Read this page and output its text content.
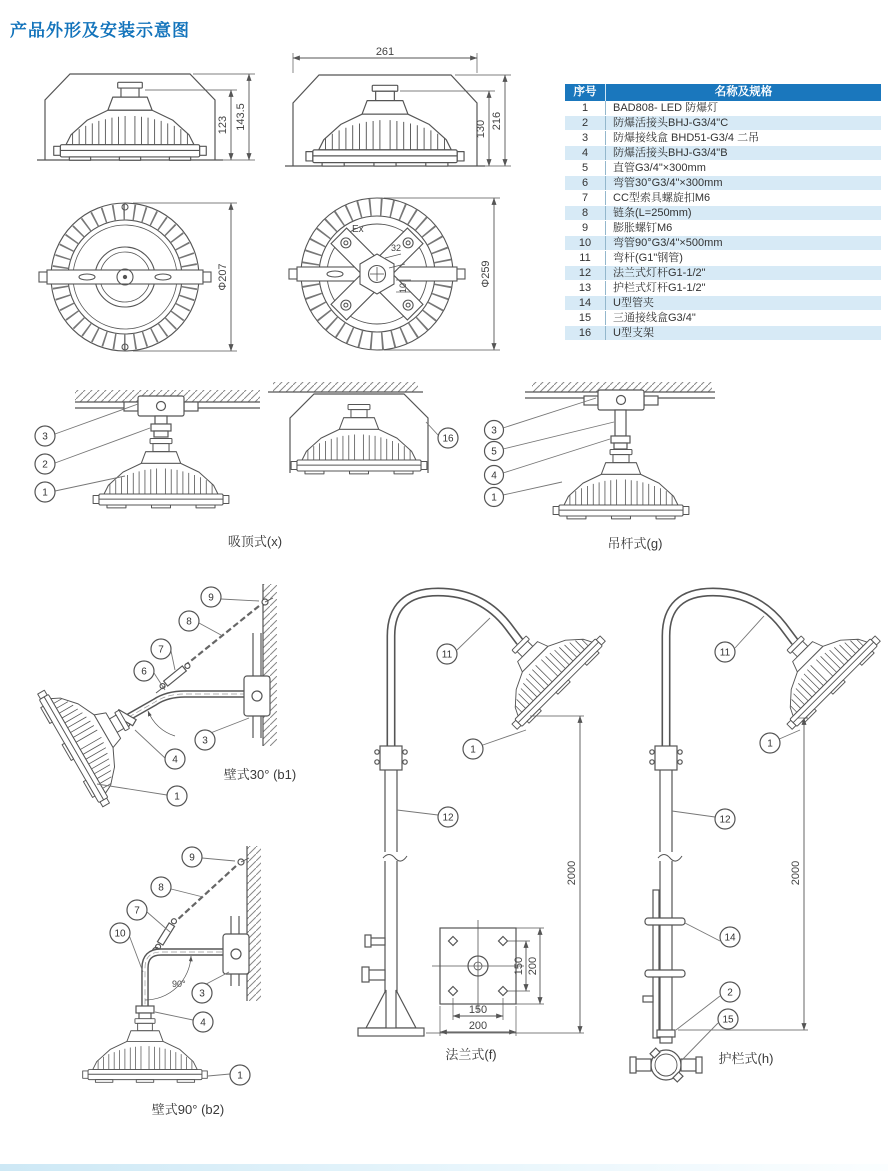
产品外形及安装示意图
123 143.5
261
130 216
Φ207
Ex
32
10
Φ259
序号	名称及规格
1	BAD808- LED 防爆灯
2	防爆活接头BHJ-G3/4"C
3	防爆接线盒 BHD51-G3/4 二吊
4	防爆活接头BHJ-G3/4"B
5	直管G3/4"×300mm
6	弯管30°G3/4"×300mm
7	CC型索具螺旋扣M6
8	链条(L=250mm)
9	膨胀螺钉M6
10	弯管90°G3/4"×500mm
11	弯杆(G1"钢管)
12	法兰式灯杆G1-1/2"
13	护栏式灯杆G1-1/2"
14	U型管夹
15	三通接线盒G3/4"
16	U型支架
3
2
1
16
吸顶式(x)
3
5
4
1
吊杆式(g)
9
8
7
6
3
4
1
壁式30° (b1)
90°
9
8
7
10
3
4
1
壁式90° (b2)
150
200
150 200
2000
11
1
12
法兰式(f)
2000
11
1
12
14
2
15
护栏式(h)
